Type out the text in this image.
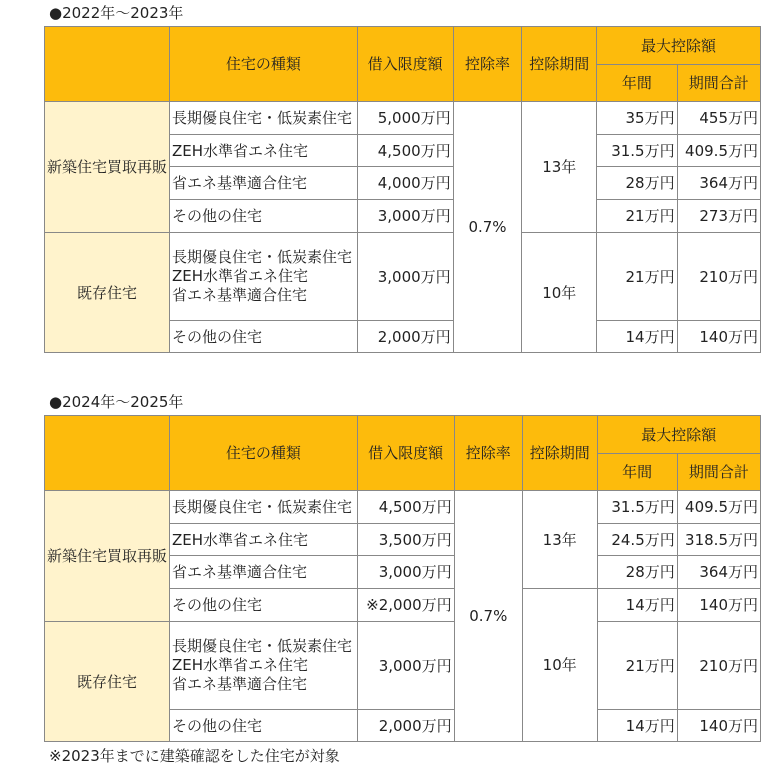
●2022年～2023年
	住宅の種類	借入限度額	控除率	控除期間	最大控除額	
					年間	期間合計
新築住宅買取再販	長期優良住宅・低炭素住宅	5,000万円	0.7%	13年	35万円	455万円
	ZEH水準省エネ住宅	4,500万円			31.5万円	409.5万円
	省エネ基準適合住宅	4,000万円			28万円	364万円
	その他の住宅	3,000万円			21万円	273万円
既存住宅	長期優良住宅・低炭素住宅
ZEH水準省エネ住宅
省エネ基準適合住宅	3,000万円		10年	21万円	210万円
	その他の住宅	2,000万円			14万円	140万円
●2024年～2025年
	住宅の種類	借入限度額	控除率	控除期間	最大控除額	
					年間	期間合計
新築住宅買取再販	長期優良住宅・低炭素住宅	4,500万円	0.7%	13年	31.5万円	409.5万円
	ZEH水準省エネ住宅	3,500万円			24.5万円	318.5万円
	省エネ基準適合住宅	3,000万円			28万円	364万円
	その他の住宅	※2,000万円		10年	14万円	140万円
既存住宅	長期優良住宅・低炭素住宅
ZEH水準省エネ住宅
省エネ基準適合住宅	3,000万円			21万円	210万円
	その他の住宅	2,000万円			14万円	140万円
※2023年までに建築確認をした住宅が対象
